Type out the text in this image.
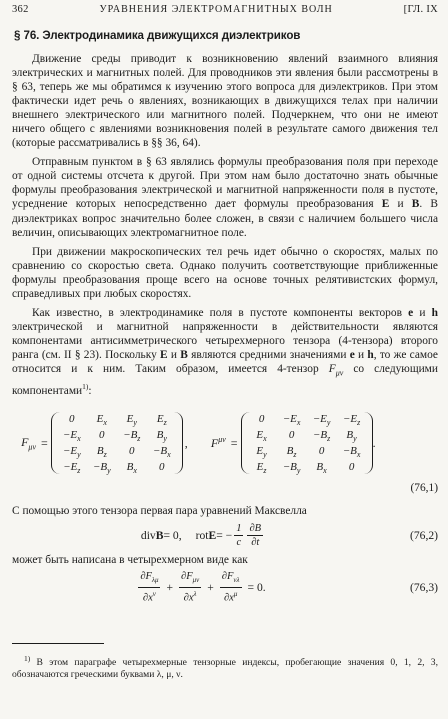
362	УРАВНЕНИЯ ЭЛЕКТРОМАГНИТНЫХ ВОЛН	[ГЛ. IX
§ 76. Электродинамика движущихся диэлектриков

Движение среды приводит к возникновению явлений взаимного влияния электрических и магнитных полей. Для проводников эти явления были рассмотрены в § 63, теперь же мы обратимся к изучению этого вопроса для диэлектриков. При этом фактически идет речь о явлениях, возникающих в движущихся телах при наличии внешнего электрического или магнитного полей. Подчеркнем, что они не имеют ничего общего с явлениями возникновения полей в результате самого движения тел (которые рассматривались в §§ 36, 64).

Отправным пунктом в § 63 являлись формулы преобразования поля при переходе от одной системы отсчета к другой. При этом нам было достаточно знать обычные формулы преобразования электрической и магнитной напряженности поля в пустоте, усреднение которых непосредственно дает формулы преобразования E и B. В диэлектриках вопрос значительно более сложен, в связи с наличием большего числа величин, описывающих электромагнитное поле.

При движении макроскопических тел речь идет обычно о скоростях, малых по сравнению со скоростью света. Однако получить соответствующие приближенные формулы преобразования проще всего на основе точных релятивистских формул, справедливых при любых скоростях.

Как известно, в электродинамике поля в пустоте компоненты векторов e и h электрической и магнитной напряженности в действительности являются компонентами антисимметрического четырехмерного тензора (4-тензора) второго ранга (см. II § 23). Поскольку E и B являются средними значениями e и h, то же самое относится и к ним. Таким образом, имеется 4-тензор $F_{\mu\nu}$ со следующими компонентами$^{1)}$:

$F_{\mu\nu}$ =
0	$E_x$	$E_y$	$E_z$
$-E_x$	0	$-B_z$	$B_y$
$-E_y$	$B_z$	0	$-B_x$
$-E_z$	$-B_y$	$B_x$	0
,	$F^{\mu\nu}$ =
0	$-E_x$	$-E_y$	$-E_z$
$E_x$	0	$-B_z$	$B_y$
$E_y$	$B_z$	0	$-B_x$
$E_z$	$-B_y$	$B_x$	0
.
(76,1)

С помощью этого тензора первая пара уравнений Максвелла

div B = 0, rot E = − $\frac{1}{c} \frac{\partial B}{\partial t}$	(76,2)

может быть написана в четырехмерном виде как

$\frac{\partial F_{\lambda\mu}}{\partial x^\nu} + \frac{\partial F_{\mu\nu}}{\partial x^\lambda} + \frac{\partial F_{\nu\lambda}}{\partial x^\mu} = 0$.	(76,3)

$^{1)}$ В этом параграфе четырехмерные тензорные индексы, пробегающие значения 0, 1, 2, 3, обозначаются греческими буквами λ, μ, ν.
